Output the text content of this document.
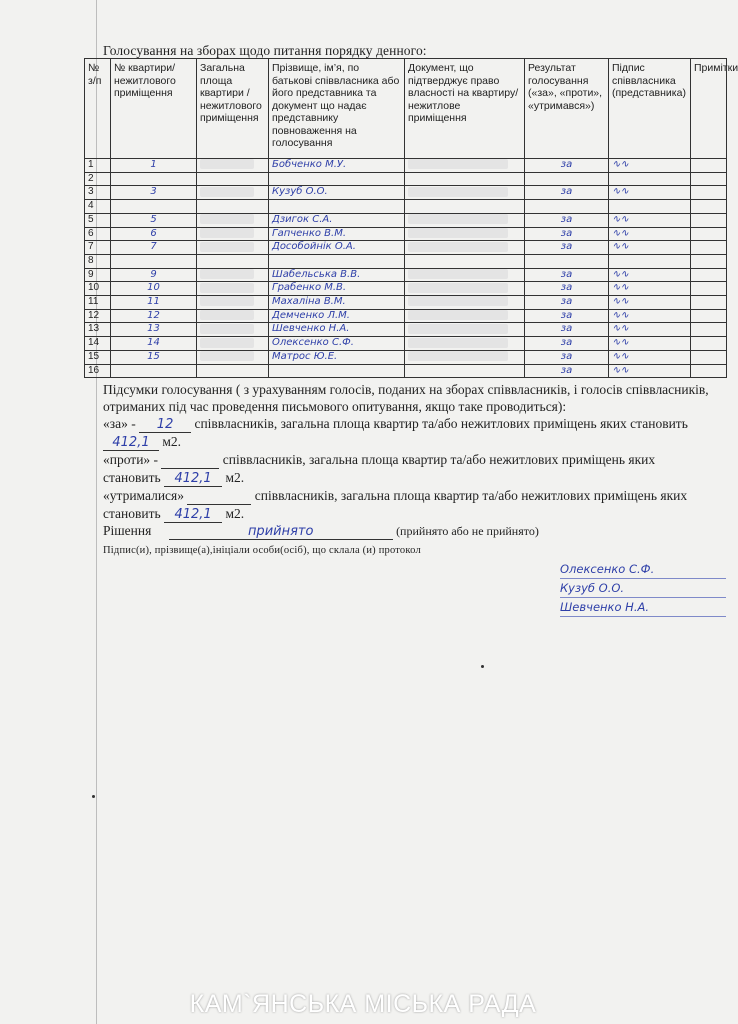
Голосування на зборах щодо питання порядку денного:
№ з/п	№ квартири/нежитлового приміщення	Загальна площа квартири /нежитлового приміщення	Прізвище, ім’я, по батькові співвласника або його представника та документ що надає представнику повноваження на голосування	Документ, що підтверджує право власності на квартиру/нежитлове приміщення	Результат голосування («за», «проти», «утримався»)	Підпис співвласника (представника)	Примітки
1	1		Бобченко М.У.		за	∿∿	
2							
3	3		Кузуб О.О.		за	∿∿	
4							
5	5		Дзигок С.А.		за	∿∿	
6	6		Гапченко В.М.		за	∿∿	
7	7		Дособойнік О.А.		за	∿∿	
8							
9	9		Шабельська В.В.		за	∿∿	
10	10		Грабенко М.В.		за	∿∿	
11	11		Махаліна В.М.		за	∿∿	
12	12		Демченко Л.М.		за	∿∿	
13	13		Шевченко Н.А.		за	∿∿	
14	14		Олексенко С.Ф.		за	∿∿	
15	15		Матрос Ю.Е.		за	∿∿	
16					за	∿∿	

Підсумки голосування ( з урахуванням голосів, поданих на зборах співвласників, і голосів співвласників, отриманих під час проведення письмового опитування, якщо таке проводиться):

«за» - 12 співвласників, загальна площа квартир та/або нежитлових приміщень яких становить 412,1 м2.

«проти» -	співвласників, загальна площа квартир та/або нежитлових приміщень яких становить 412,1 м2.

«утрималися»	співвласників, загальна площа квартир та/або нежитлових приміщень яких становить 412,1 м2.

Рішення	прийнято	(прийнято або не прийнято)
Підпис(и), прізвище(а),ініціали особи(осіб), що склала (и) протокол
Олексенко С.Ф.
Кузуб О.О.
Шевченко Н.А.
КАМ`ЯНСЬКА МІСЬКА РАДА
